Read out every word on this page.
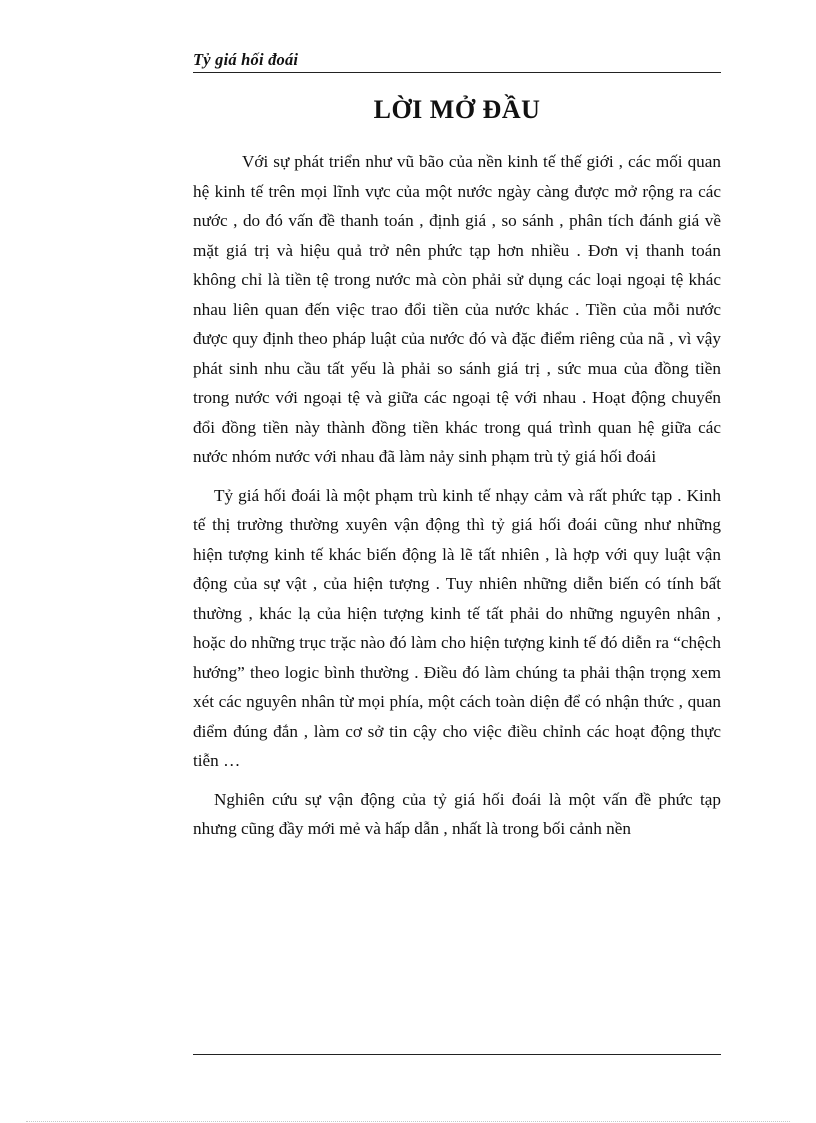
Tỷ giá hối đoái
LỜI MỞ ĐẦU

Với sự phát triển như vũ bão của nền kinh tế thế giới , các mối quan hệ kinh tế trên mọi lĩnh vực của một nước ngày càng được mở rộng ra các nước , do đó vấn đề thanh toán , định giá , so sánh , phân tích đánh giá về mặt giá trị và hiệu quả trở nên phức tạp hơn nhiều . Đơn vị thanh toán không chỉ là tiền tệ trong nước mà còn phải sử dụng các loại ngoại tệ khác nhau liên quan đến việc trao đổi tiền của nước khác . Tiền của mỗi nước được quy định theo pháp luật của nước đó và đặc điểm riêng của nã , vì vậy phát sinh nhu cầu tất yếu là phải so sánh giá trị , sức mua của đồng tiền trong nước với ngoại tệ và giữa các ngoại tệ với nhau . Hoạt động chuyển đổi đồng tiền này thành đồng tiền khác trong quá trình quan hệ giữa các nước nhóm nước với nhau đã làm nảy sinh phạm trù tỷ giá hối đoái

Tỷ giá hối đoái là một phạm trù kinh tế nhạy cảm và rất phức tạp . Kinh tế thị trường thường xuyên vận động thì tỷ giá hối đoái cũng như những hiện tượng kinh tế khác biến động là lẽ tất nhiên , là hợp với quy luật vận động của sự vật , của hiện tượng . Tuy nhiên những diễn biến có tính bất thường , khác lạ của hiện tượng kinh tế tất phải do những nguyên nhân , hoặc do những trục trặc nào đó làm cho hiện tượng kinh tế đó diễn ra “chệch hướng” theo logic bình thường . Điều đó làm chúng ta phải thận trọng xem xét các nguyên nhân từ mọi phía, một cách toàn diện để có nhận thức , quan điểm đúng đắn , làm cơ sở tin cậy cho việc điều chỉnh các hoạt động thực tiễn …

Nghiên cứu sự vận động của tỷ giá hối đoái là một vấn đề phức tạp nhưng cũng đầy mới mẻ và hấp dẫn , nhất là trong bối cảnh nền
